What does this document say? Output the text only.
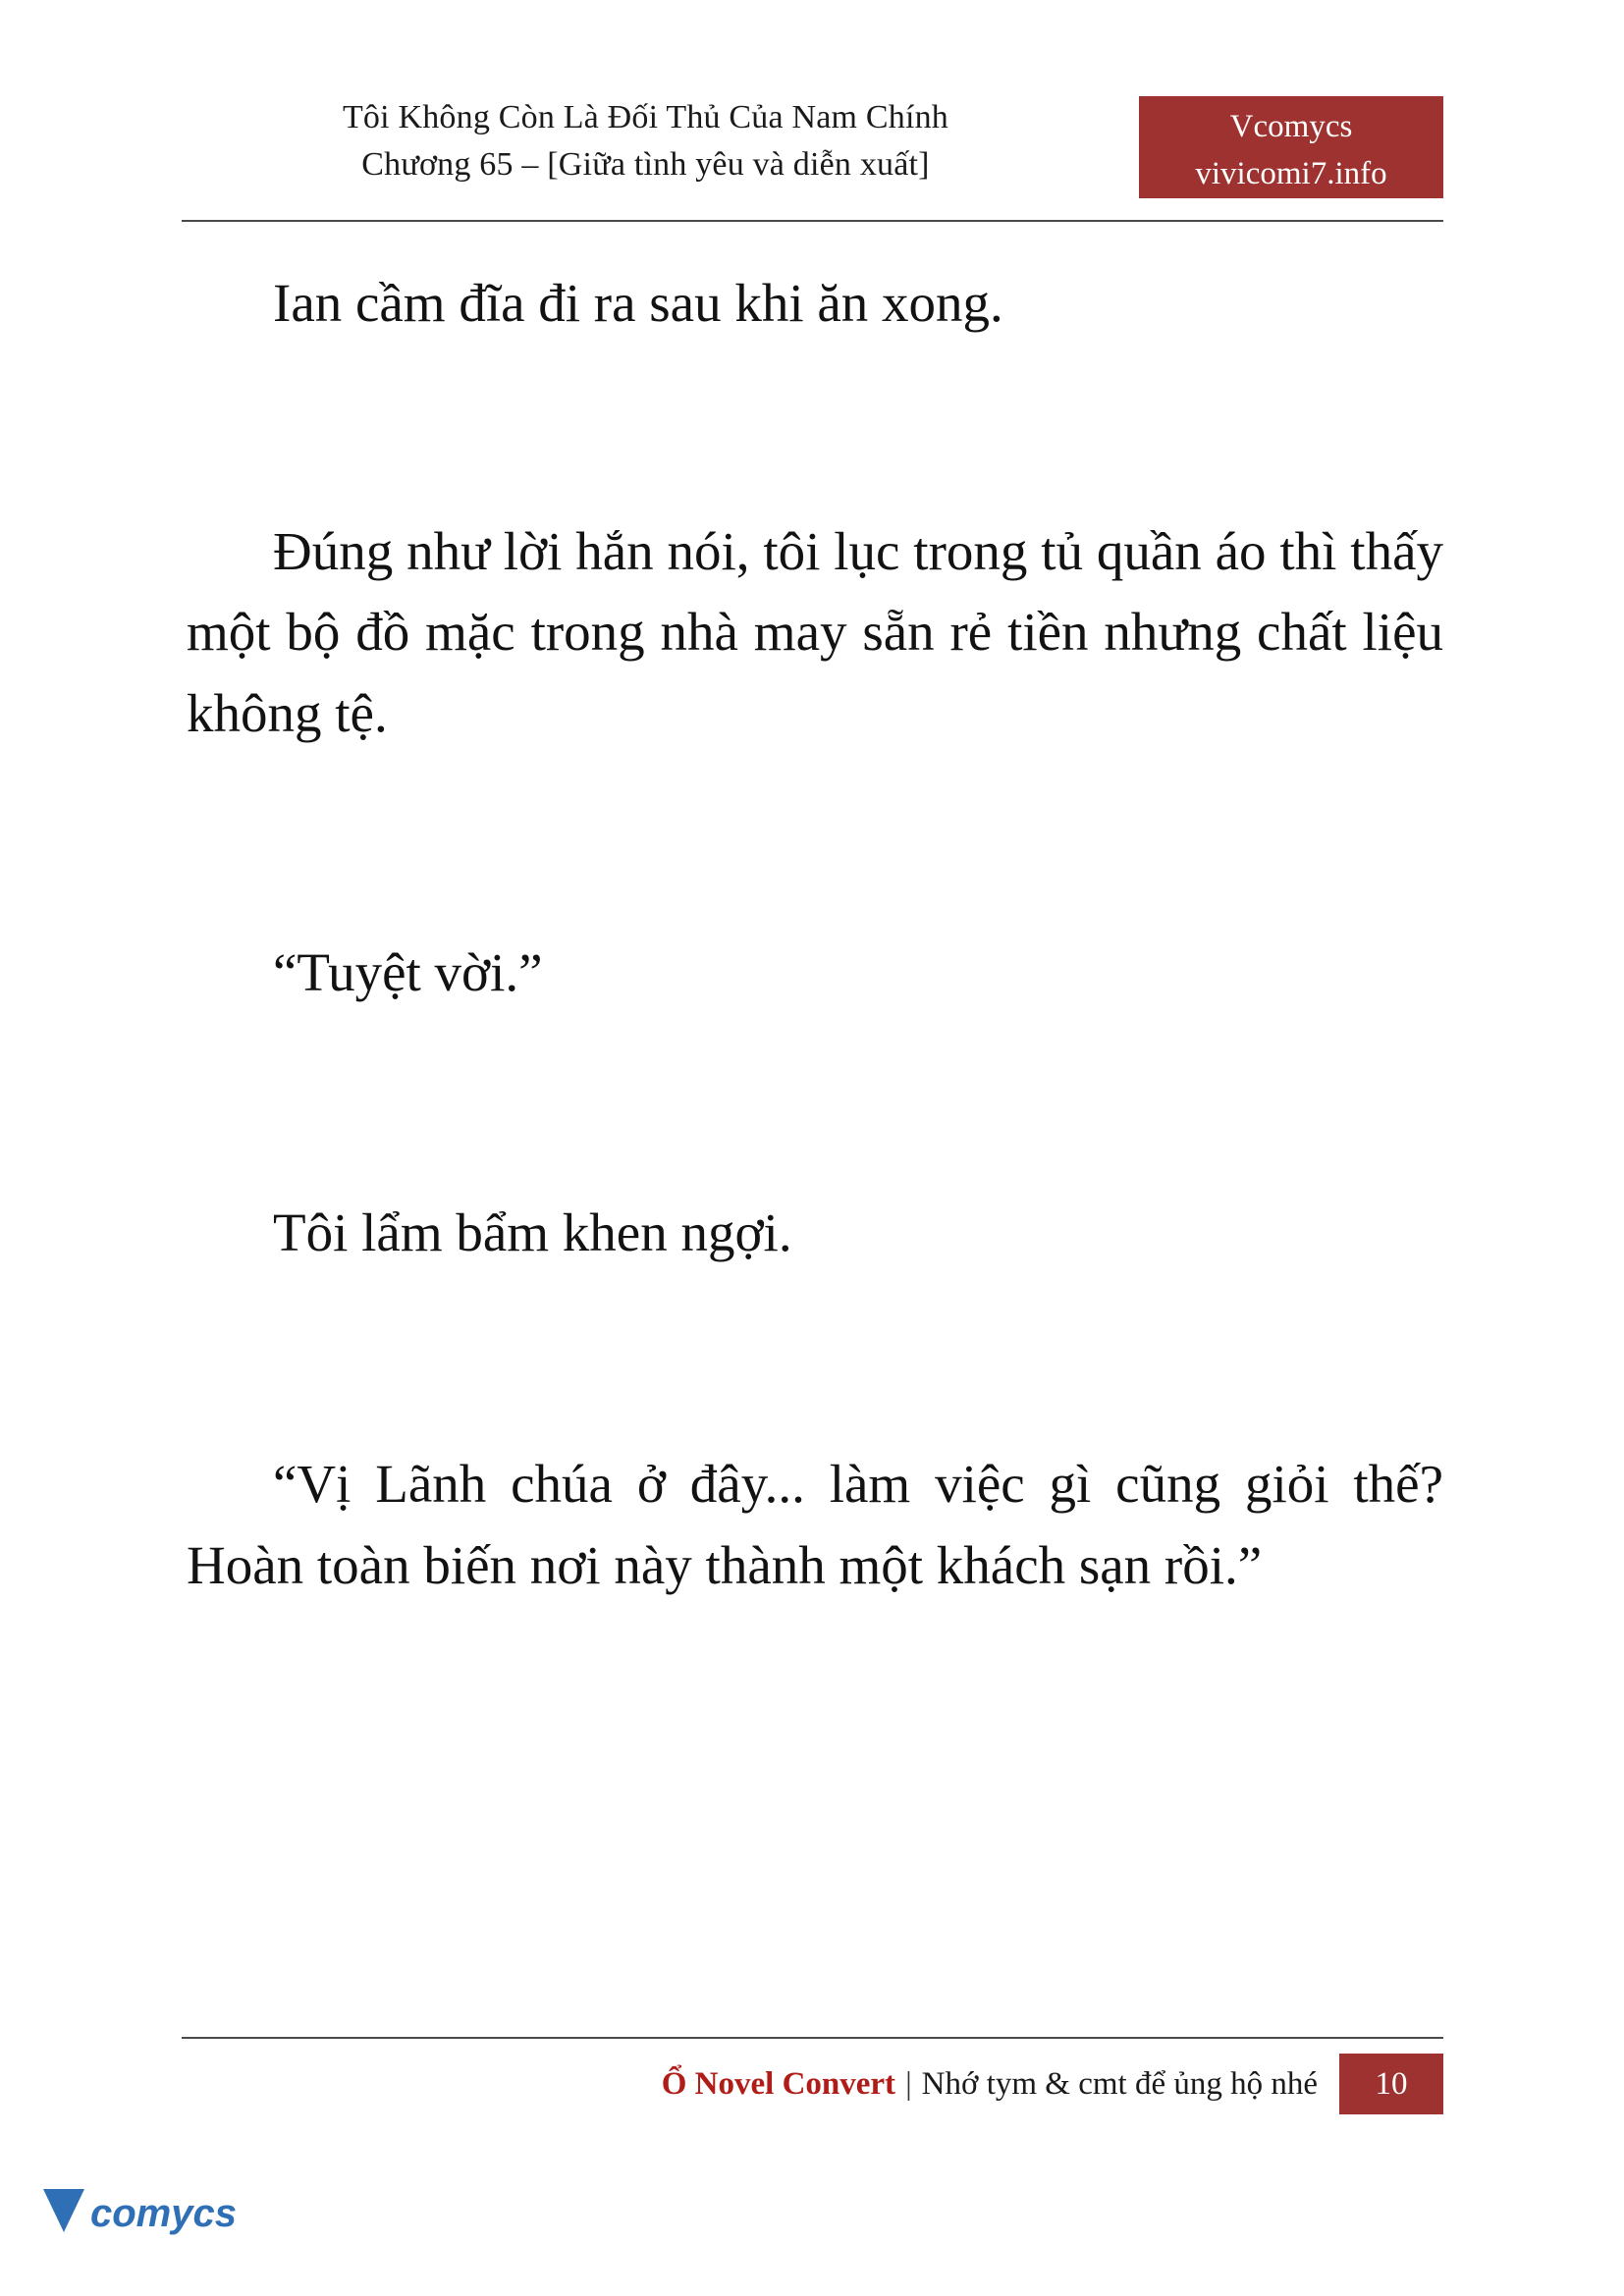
Tôi Không Còn Là Đối Thủ Của Nam Chính
Chương 65 – [Giữa tình yêu và diễn xuất]
Vcomycs
vivicomi7.info

Ian cầm đĩa đi ra sau khi ăn xong.

Đúng như lời hắn nói, tôi lục trong tủ quần áo thì thấy một bộ đồ mặc trong nhà may sẵn rẻ tiền nhưng chất liệu không tệ.

“Tuyệt vời.”

Tôi lẩm bẩm khen ngợi.

“Vị Lãnh chúa ở đây... làm việc gì cũng giỏi thế? Hoàn toàn biến nơi này thành một khách sạn rồi.”

Ổ Novel Convert | Nhớ tym & cmt để ủng hộ nhé	10
comycs
